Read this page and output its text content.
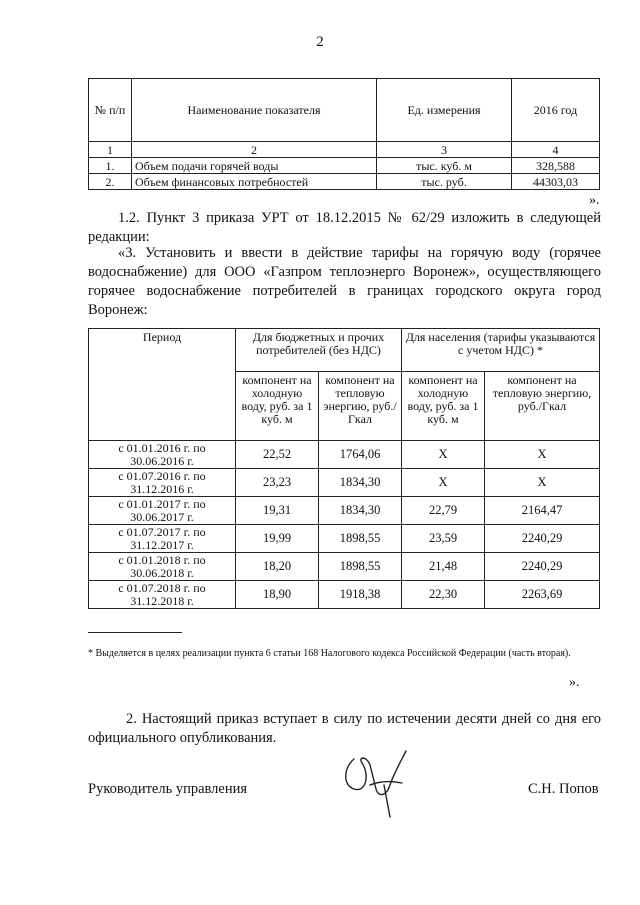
2
№ п/п	Наименование показателя	Ед. измерения	2016 год
1	2	3	4
1.	Объем подачи горячей воды	тыс. куб. м	328,588
2.	Объем финансовых потребностей	тыс. руб.	44303,03
».
1.2. Пункт 3 приказа УРТ от 18.12.2015 № 62/29 изложить в следующей редакции:
«3. Установить и ввести в действие тарифы на горячую воду (горячее водоснабжение) для ООО «Газпром теплоэнерго Воронеж», осуществляющего горячее водоснабжение потребителей в границах городского округа город Воронеж:
Период	Для бюджетных и прочих потребителей (без НДС)		Для населения (тарифы указываются с учетом НДС) *	
	компонент на холодную воду, руб. за 1 куб. м	компонент на тепловую энергию, руб./Гкал	компонент на холодную воду, руб. за 1 куб. м	компонент на тепловую энергию, руб./Гкал
с 01.01.2016 г. по 30.06.2016 г.	22,52	1764,06	Х	Х
с 01.07.2016 г. по 31.12.2016 г.	23,23	1834,30	Х	Х
с 01.01.2017 г. по 30.06.2017 г.	19,31	1834,30	22,79	2164,47
с 01.07.2017 г. по 31.12.2017 г.	19,99	1898,55	23,59	2240,29
с 01.01.2018 г. по 30.06.2018 г.	18,20	1898,55	21,48	2240,29
с 01.07.2018 г. по 31.12.2018 г.	18,90	1918,38	22,30	2263,69
* Выделяется в целях реализации пункта 6 статьи 168 Налогового кодекса Российской Федерации (часть вторая).
».
2. Настоящий приказ вступает в силу по истечении десяти дней со дня его официального опубликования.
Руководитель управления	С.Н. Попов
